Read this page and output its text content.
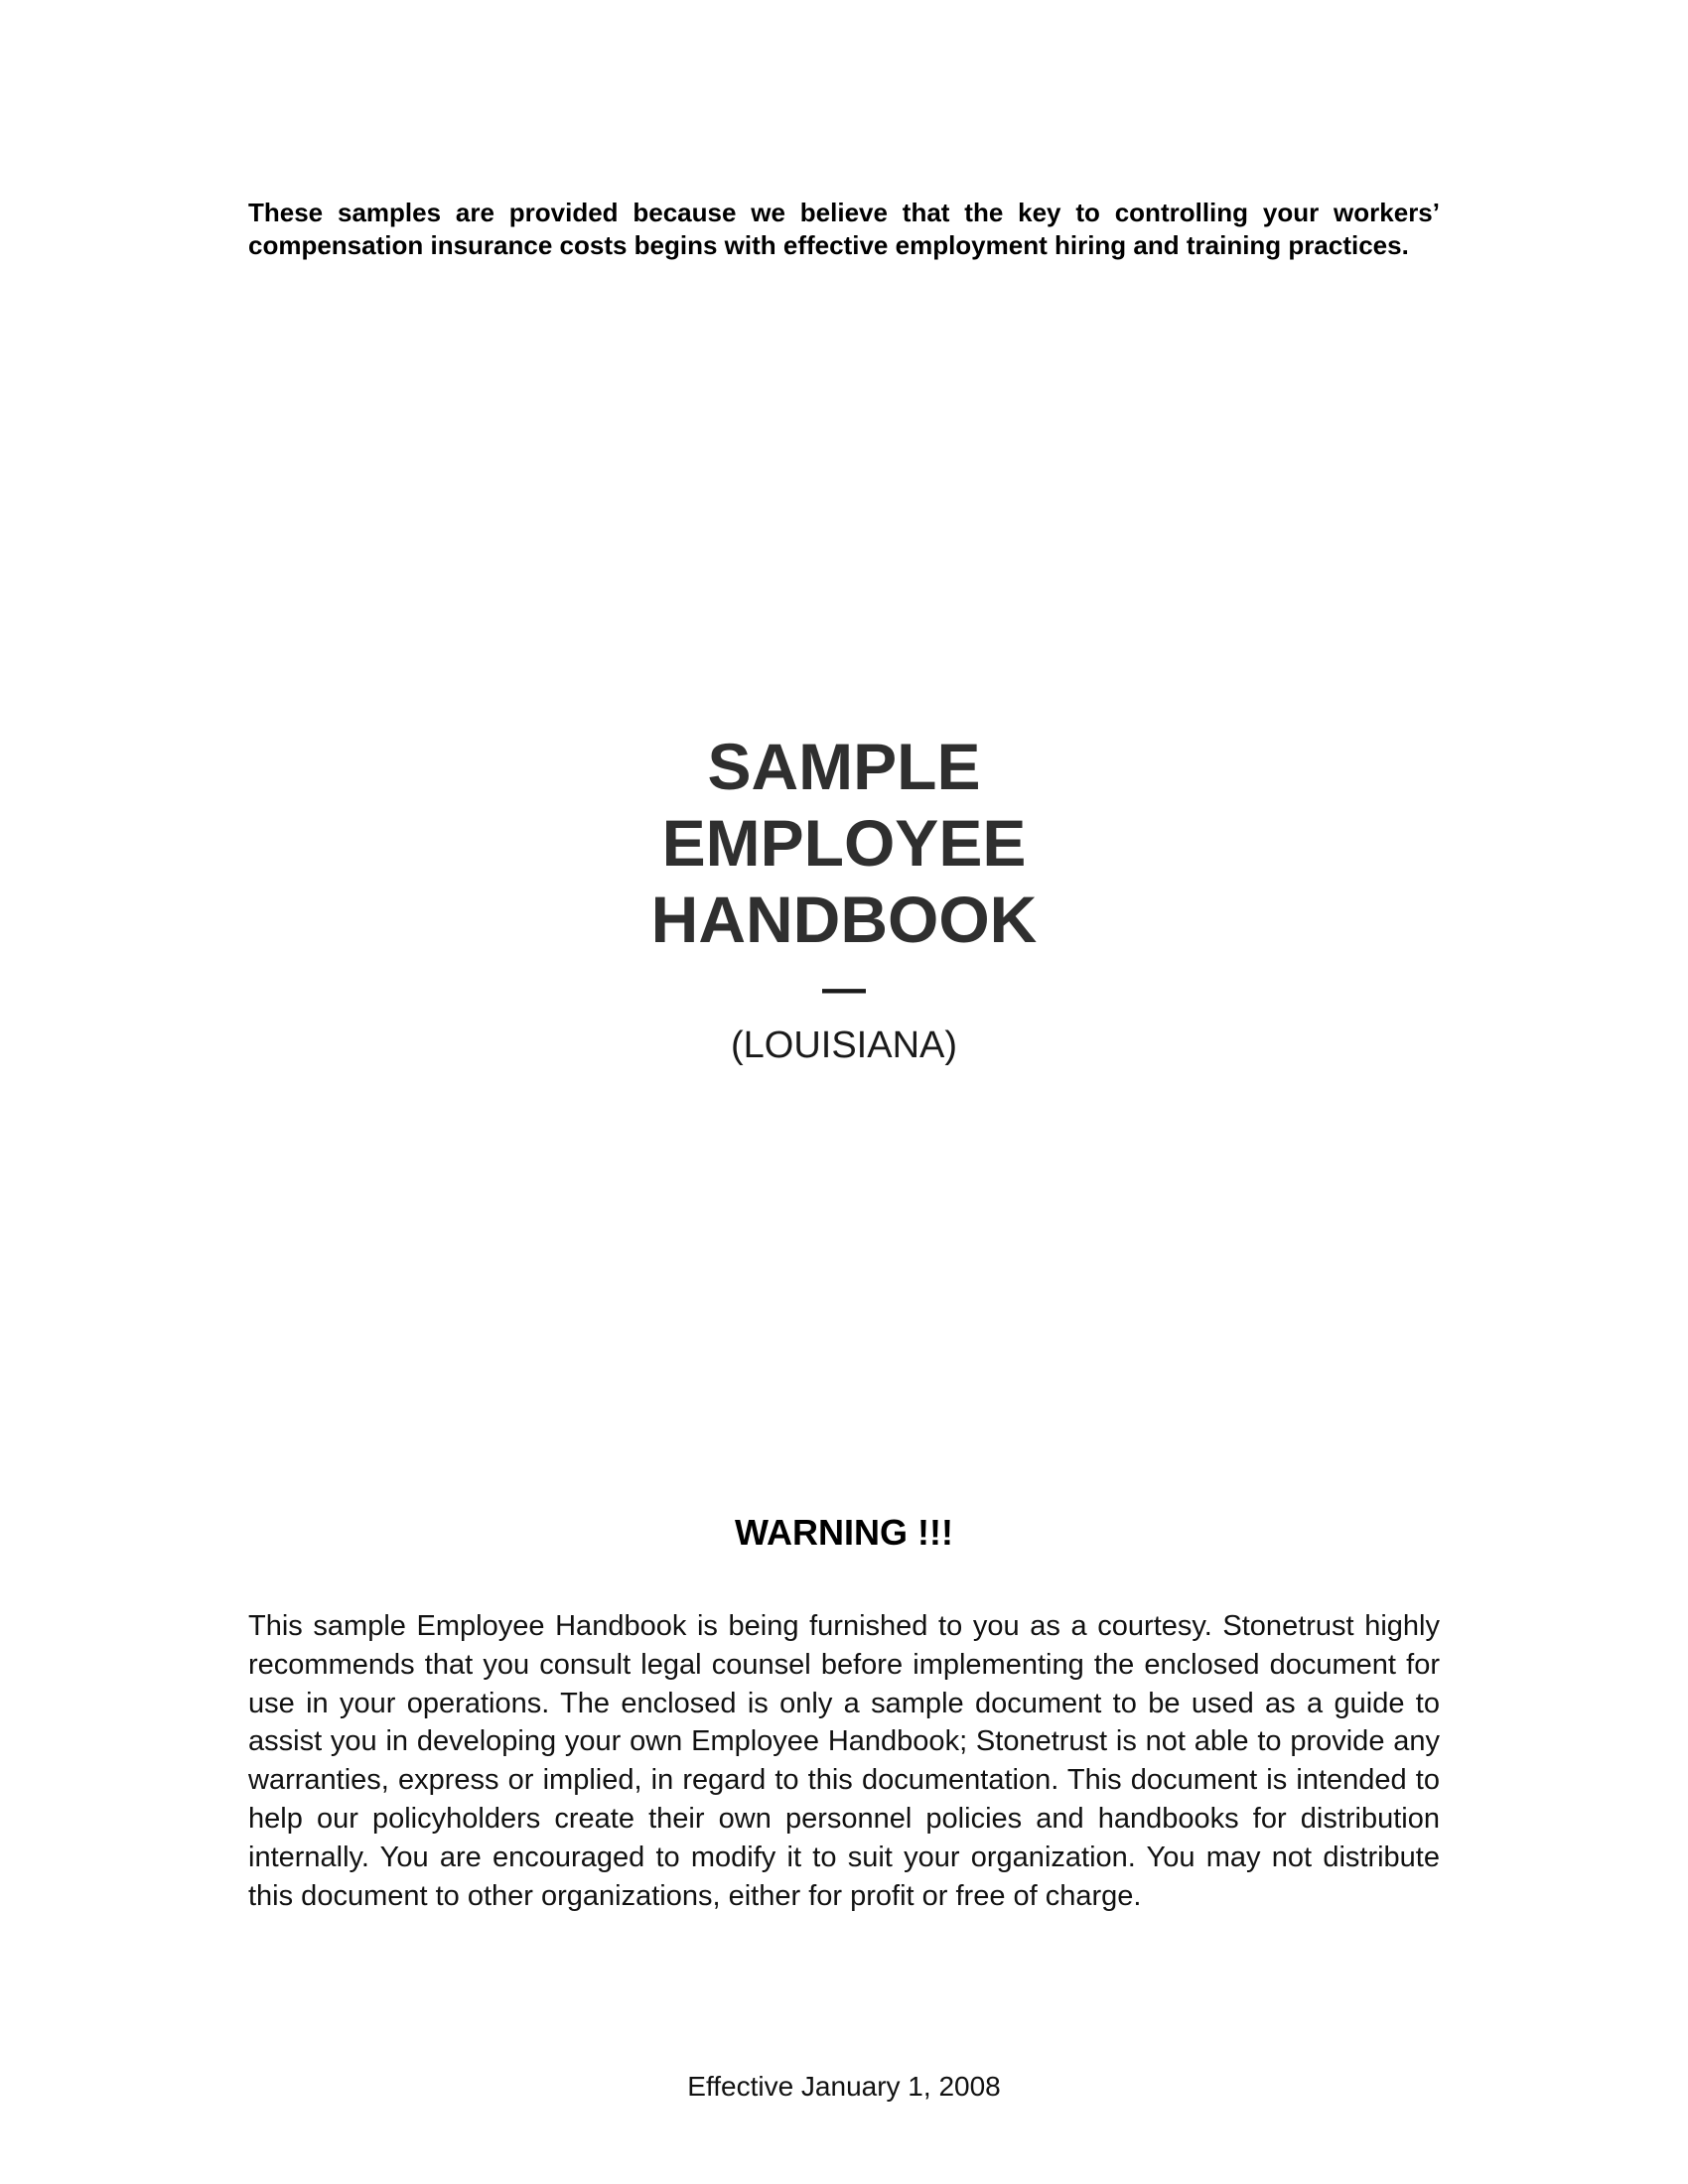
These samples are provided because we believe that the key to controlling your workers’ compensation insurance costs begins with effective employment hiring and training practices.

SAMPLE

EMPLOYEE

HANDBOOK

—

(LOUISIANA)

WARNING !!!

This sample Employee Handbook is being furnished to you as a courtesy. Stonetrust highly recommends that you consult legal counsel before implementing the enclosed document for use in your operations. The enclosed is only a sample document to be used as a guide to assist you in developing your own Employee Handbook; Stonetrust is not able to provide any warranties, express or implied, in regard to this documentation. This document is intended to help our policyholders create their own personnel policies and handbooks for distribution internally. You are encouraged to modify it to suit your organization. You may not distribute this document to other organizations, either for profit or free of charge.

Effective January 1, 2008
